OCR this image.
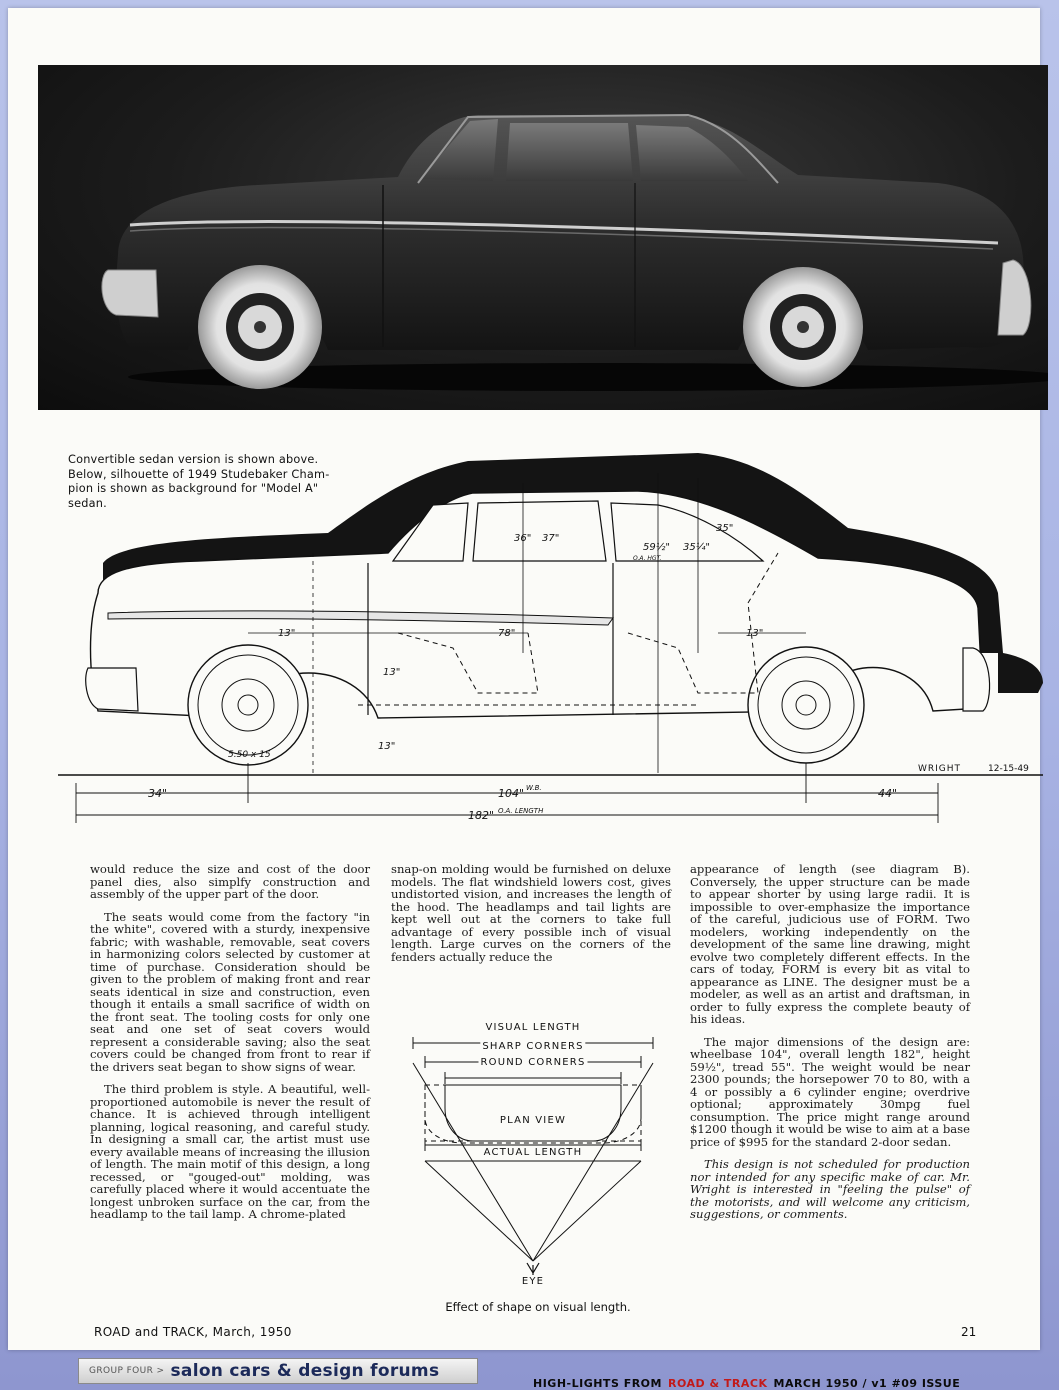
Convertible sedan version is shown above.
Below, silhouette of 1949 Studebaker Cham-
pion is shown as background for "Model A"
sedan.
36" 37"
59½"
O.A. HGT.
35¼"
35"
13"	78"	13"
13"
13"
5.50 x 15
WRIGHT	12-15-49
34"	104" W.B.	44"
182" O.A. LENGTH

would reduce the size and cost of the door panel dies, also simplfy construction and assembly of the upper part of the door.

The seats would come from the factory "in the white", covered with a sturdy, inexpensive fabric; with washable, removable, seat covers in harmonizing colors selected by customer at time of purchase. Consideration should be given to the problem of making front and rear seats identical in size and construction, even though it entails a small sacrifice of width on the front seat. The tooling costs for only one seat and one set of seat covers would represent a considerable saving; also the seat covers could be changed from front to rear if the drivers seat began to show signs of wear.

The third problem is style. A beautiful, well-proportioned automobile is never the result of chance. It is achieved through intelligent planning, logical reasoning, and careful study. In designing a small car, the artist must use every available means of increasing the illusion of length. The main motif of this design, a long recessed, or "gouged-out" molding, was carefully placed where it would accentuate the longest unbroken surface on the car, from the headlamp to the tail lamp. A chrome-plated

snap-on molding would be furnished on deluxe models. The flat windshield lowers cost, gives undistorted vision, and increases the length of the hood. The headlamps and tail lights are kept well out at the corners to take full advantage of every possible inch of visual length. Large curves on the corners of the fenders actually reduce the

appearance of length (see diagram B). Conversely, the upper structure can be made to appear shorter by using large radii. It is impossible to over-emphasize the importance of the careful, judicious use of FORM. Two modelers, working independently on the development of the same line drawing, might evolve two completely different effects. In the cars of today, FORM is every bit as vital to appearance as LINE. The designer must be a modeler, as well as an artist and draftsman, in order to fully express the complete beauty of his ideas.

The major dimensions of the design are: wheelbase 104", overall length 182", height 59½", tread 55". The weight would be near 2300 pounds; the horsepower 70 to 80, with a 4 or possibly a 6 cylinder engine; overdrive optional; approximately 30mpg fuel consumption. The price might range around $1200 though it would be wise to aim at a base price of $995 for the standard 2-door sedan.

This design is not scheduled for production nor intended for any specific make of car. Mr. Wright is interested in "feeling the pulse" of the motorists, and will welcome any criticism, suggestions, or comments.

VISUAL LENGTH
SHARP CORNERS
ROUND CORNERS
PLAN VIEW
ACTUAL LENGTH
EYE
Effect of shape on visual length.
ROAD and TRACK, March, 1950	21
GROUP FOUR > salon cars & design forums
HIGH-LIGHTS FROM ROAD & TRACK MARCH 1950 / v1 #09 ISSUE
